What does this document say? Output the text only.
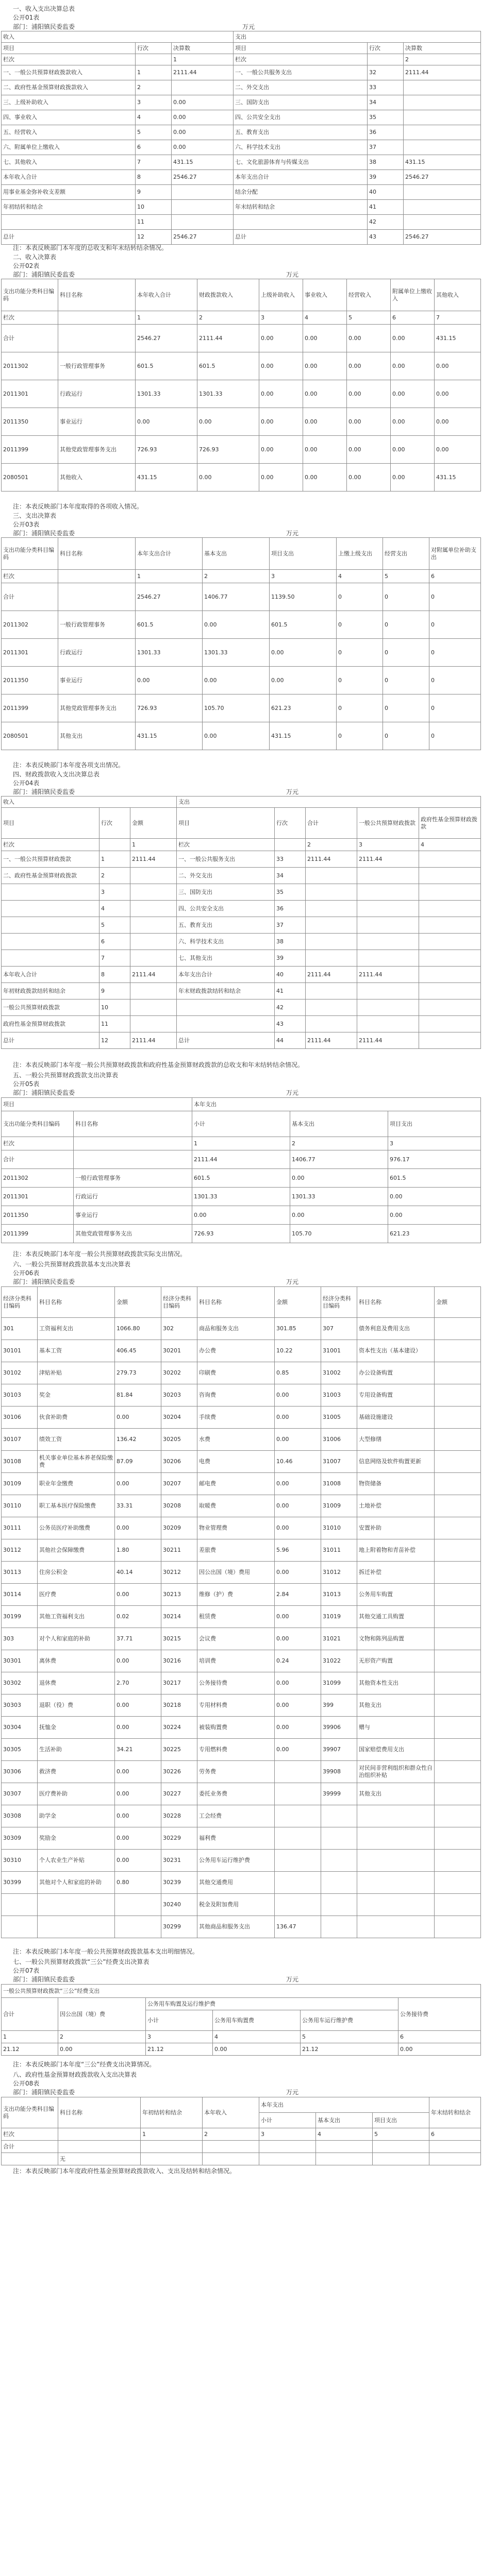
一、收入支出决算总表
公开01表
部门：浦阳镇民委监委	万元
收入			支出		
项目	行次	决算数	项目	行次	决算数
栏次		1	栏次		2
一、一般公共预算财政拨款收入	1	2111.44	一、一般公共服务支出	32	2111.44
二、政府性基金预算财政拨款收入	2		二、外交支出	33	
三、上级补助收入	3	0.00	三、国防支出	34	
四、事业收入	4	0.00	四、公共安全支出	35	
五、经营收入	5	0.00	五、教育支出	36	
六、附属单位上缴收入	6	0.00	六、科学技术支出	37	
七、其他收入	7	431.15	七、文化旅游体育与传媒支出	38	431.15
本年收入合计	8	2546.27	本年支出合计	39	2546.27
用事业基金弥补收支差额	9		结余分配	40	
年初结转和结余	10		年末结转和结余	41	
	11			42	
总计	12	2546.27	总计	43	2546.27
注：本表反映部门本年度的总收支和年末结转结余情况。
二、收入决算表
公开02表
部门：浦阳镇民委监委	万元
支出功能分类科目编码	科目名称	本年收入合计	财政拨款收入	上级补助收入	事业收入	经营收入	附属单位上缴收入	其他收入
栏次		1	2	3	4	5	6	7
合计		2546.27	2111.44	0.00	0.00	0.00	0.00	431.15
2011302	一般行政管理事务	601.5	601.5	0.00	0.00	0.00	0.00	0.00
2011301	行政运行	1301.33	1301.33	0.00	0.00	0.00	0.00	0.00
2011350	事业运行	0.00	0.00	0.00	0.00	0.00	0.00	0.00
2011399	其他党政管理事务支出	726.93	726.93	0.00	0.00	0.00	0.00	0.00
2080501	其他收入	431.15	0.00	0.00	0.00	0.00	0.00	431.15
注：本表反映部门本年度取得的各项收入情况。
三、支出决算表
公开03表
部门：浦阳镇民委监委	万元
支出功能分类科目编码	科目名称	本年支出合计	基本支出	项目支出	上缴上级支出	经营支出	对附属单位补助支出
栏次		1	2	3	4	5	6
合计		2546.27	1406.77	1139.50	0	0	0
2011302	一般行政管理事务	601.5	0.00	601.5	0	0	0
2011301	行政运行	1301.33	1301.33	0.00	0	0	0
2011350	事业运行	0.00	0.00	0.00	0	0	0
2011399	其他党政管理事务支出	726.93	105.70	621.23	0	0	0
2080501	其他支出	431.15	0.00	431.15	0	0	0
注：本表反映部门本年度各项支出情况。
四、财政拨款收入支出决算总表
公开04表
部门：浦阳镇民委监委	万元
收入			支出				
项目	行次	金额	项目	行次	合计	一般公共预算财政拨款	政府性基金预算财政拨款
栏次		1	栏次		2	3	4
一、一般公共预算财政拨款	1	2111.44	一、一般公共服务支出	33	2111.44	2111.44	
二、政府性基金预算财政拨款	2		二、外交支出	34			
	3		三、国防支出	35			
	4		四、公共安全支出	36			
	5		五、教育支出	37			
	6		六、科学技术支出	38			
	7		七、其他支出	39			
本年收入合计	8	2111.44	本年支出合计	40	2111.44	2111.44	
年初财政拨款结转和结余	9		年末财政拨款结转和结余	41			
一般公共预算财政拨款	10			42			
政府性基金预算财政拨款	11			43			
总计	12	2111.44	总计	44	2111.44	2111.44	
注：本表反映部门本年度一般公共预算财政拨款和政府性基金预算财政拨款的总收支和年末结转结余情况。
五、一般公共预算财政拨款支出决算表
公开05表
部门：浦阳镇民委监委	万元
项目		本年支出		
支出功能分类科目编码	科目名称	小计	基本支出	项目支出
栏次		1	2	3
合计		2111.44	1406.77	976.17
2011302	一般行政管理事务	601.5	0.00	601.5
2011301	行政运行	1301.33	1301.33	0.00
2011350	事业运行	0.00	0.00	0.00
2011399	其他党政管理事务支出	726.93	105.70	621.23
注：本表反映部门本年度一般公共预算财政拨款实际支出情况。
六、一般公共预算财政拨款基本支出决算表
公开06表
部门：浦阳镇民委监委	万元
经济分类科目编码	科目名称	金额	经济分类科目编码	科目名称	金额	经济分类科目编码	科目名称	金额
301	工资福利支出	1066.80	302	商品和服务支出	301.85	307	债务利息及费用支出	
30101	基本工资	406.45	30201	办公费	10.22	31001	资本性支出（基本建设）	
30102	津贴补贴	279.73	30202	印刷费	0.85	31002	办公设备购置	
30103	奖金	81.84	30203	咨询费	0.00	31003	专用设备购置	
30106	伙食补助费	0.00	30204	手续费	0.00	31005	基础设施建设	
30107	绩效工资	136.42	30205	水费	0.00	31006	大型修缮	
30108	机关事业单位基本养老保险缴费	87.09	30206	电费	10.46	31007	信息网络及软件购置更新	
30109	职业年金缴费	0.00	30207	邮电费	0.00	31008	物资储备	
30110	职工基本医疗保险缴费	33.31	30208	取暖费	0.00	31009	土地补偿	
30111	公务员医疗补助缴费	0.00	30209	物业管理费	0.00	31010	安置补助	
30112	其他社会保障缴费	1.80	30211	差旅费	5.96	31011	地上附着物和青苗补偿	
30113	住房公积金	40.14	30212	因公出国（境）费用	0.00	31012	拆迁补偿	
30114	医疗费	0.00	30213	维修（护）费	2.84	31013	公务用车购置	
30199	其他工资福利支出	0.02	30214	租赁费	0.00	31019	其他交通工具购置	
303	对个人和家庭的补助	37.71	30215	会议费	0.00	31021	文物和陈列品购置	
30301	离休费	0.00	30216	培训费	0.24	31022	无形资产购置	
30302	退休费	2.70	30217	公务接待费	0.00	31099	其他资本性支出	
30303	退职（役）费	0.00	30218	专用材料费	0.00	399	其他支出	
30304	抚恤金	0.00	30224	被装购置费	0.00	39906	赠与	
30305	生活补助	34.21	30225	专用燃料费	0.00	39907	国家赔偿费用支出	
30306	救济费	0.00	30226	劳务费		39908	对民间非营利组织和群众性自治组织补贴	
30307	医疗费补助	0.00	30227	委托业务费		39999	其他支出	
30308	助学金	0.00	30228	工会经费				
30309	奖励金	0.00	30229	福利费				
30310	个人农业生产补贴	0.00	30231	公务用车运行维护费				
30399	其他对个人和家庭的补助	0.80	30239	其他交通费用				
			30240	税金及附加费用				
			30299	其他商品和服务支出	136.47			
注：本表反映部门本年度一般公共预算财政拨款基本支出明细情况。
七、一般公共预算财政拨款“三公”经费支出决算表
公开07表
部门：浦阳镇民委监委	万元
一般公共预算财政拨款“三公”经费支出					
合计	因公出国（境）费	公务用车购置及运行维护费			公务接待费
		小计	公务用车购置费	公务用车运行维护费	
1	2	3	4	5	6
21.12	0.00	21.12	0.00	21.12	0.00
注：本表反映部门本年度“三公”经费支出决算情况。
八、政府性基金预算财政拨款收入支出决算表
公开08表
部门：浦阳镇民委监委	万元
支出功能分类科目编码	科目名称	年初结转和结余	本年收入	本年支出			年末结转和结余
				小计	基本支出	项目支出	
栏次		1	2	3	4	5	6
合计							
	无						
注：本表反映部门本年度政府性基金预算财政拨款收入、支出及结转和结余情况。
